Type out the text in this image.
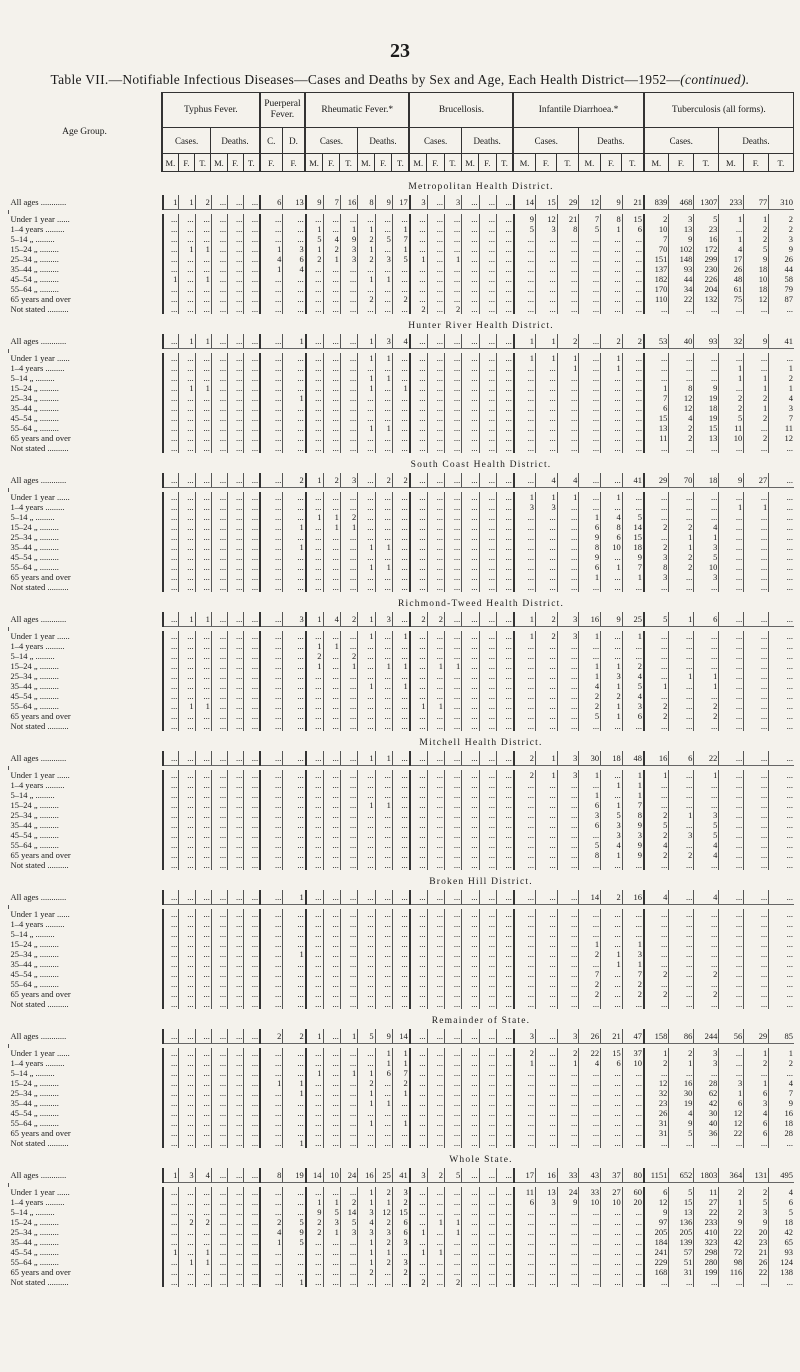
23
Table VII.—Notifiable Infectious Diseases—Cases and Deaths by Sex and Age, Each Health District—1952—(continued).
Age Group.	Typhus Fever.						Puerperal Fever.		Rheumatic Fever.*						Brucellosis.						Infantile Diarrhoea.*						Tuberculosis (all forms).					
	Cases.			Deaths.			C.	D.	Cases.			Deaths.			Cases.			Deaths.			Cases.			Deaths.			Cases.			Deaths.		
	M.	F.	T.	M.	F.	T.	F.	F.	M.	F.	T.	M.	F.	T.	M.	F.	T.	M.	F.	T.	M.	F.	T.	M.	F.	T.	M.	F.	T.	M.	F.	T.
Metropolitan Health District.
All ages ............	1	1	2	...	...	...	6	13	9	7	16	8	9	17	3	...	3	...	...	...	14	15	29	12	9	21	839	468	1307	233	77	310

Under 1 year ......	...	...	...	...	...	...	...	...	...	...	...	...	...	...	...	...	...	...	...	...	9	12	21	7	8	15	2	3	5	1	1	2
1–4 years .........	...	...	...	...	...	...	...	...	1	...	1	1	...	1	...	...	...	...	...	...	5	3	8	5	1	6	10	13	23	...	2	2
5–14 „ .........	...	...	...	...	...	...	...	...	5	4	9	2	5	7	...	...	...	...	...	...	...	...	...	...	...	...	7	9	16	1	2	3
15–24 „ .........	...	1	1	...	...	...	1	3	1	2	3	1	...	1	...	...	...	...	...	...	...	...	...	...	...	...	70	102	172	4	5	9
25–34 „ .........	...	...	...	...	...	...	4	6	2	1	3	2	3	5	1	...	1	...	...	...	...	...	...	...	...	...	151	148	299	17	9	26
35–44 „ .........	...	...	...	...	...	...	1	4	...	...	...	...	...	...	...	...	...	...	...	...	...	...	...	...	...	...	137	93	230	26	18	44
45–54 „ .........	1	...	1	...	...	...	...	...	...	...	...	1	1	...	...	...	...	...	...	...	...	...	...	...	...	...	182	44	226	48	10	58
55–64 „ .........	...	...	...	...	...	...	...	...	...	...	...	...	...	...	...	...	...	...	...	...	...	...	...	...	...	...	170	34	204	61	18	79
65 years and over	...	...	...	...	...	...	...	...	...	...	...	2	...	2	...	...	...	...	...	...	...	...	...	...	...	...	110	22	132	75	12	87
Not stated ..........	...	...	...	...	...	...	...	...	...	...	...	...	...	...	2	...	2	...	...	...	...	...	...	...	...	...	...	...	...	...	...	...
Hunter River Health District.
All ages ............	...	1	1	...	...	...	...	1	...	...	...	1	3	4	...	...	...	...	...	...	1	1	2	...	2	2	53	40	93	32	9	41

Under 1 year ......	...	...	...	...	...	...	...	...	...	...	...	1	1	...	...	...	...	...	...	...	1	1	1	...	1	...	...	...	...	...	...	...
1–4 years .........	...	...	...	...	...	...	...	...	...	...	...	...	...	...	...	...	...	...	...	...	...	...	1	...	1	...	...	...	...	1	...	1
5–14 „ .........	...	...	...	...	...	...	...	...	...	...	...	1	1	...	...	...	...	...	...	...	...	...	...	...	...	...	...	...	...	1	1	2
15–24 „ .........	...	1	1	...	...	...	...	...	...	...	...	1	...	1	...	...	...	...	...	...	...	...	...	...	...	...	1	8	9	...	1	1
25–34 „ .........	...	...	...	...	...	...	...	1	...	...	...	...	...	...	...	...	...	...	...	...	...	...	...	...	...	...	7	12	19	2	2	4
35–44 „ .........	...	...	...	...	...	...	...	...	...	...	...	...	...	...	...	...	...	...	...	...	...	...	...	...	...	...	6	12	18	2	1	3
45–54 „ .........	...	...	...	...	...	...	...	...	...	...	...	...	...	...	...	...	...	...	...	...	...	...	...	...	...	...	15	4	19	5	2	7
55–64 „ .........	...	...	...	...	...	...	...	...	...	...	...	1	1	...	...	...	...	...	...	...	...	...	...	...	...	...	13	2	15	11	...	11
65 years and over	...	...	...	...	...	...	...	...	...	...	...	...	...	...	...	...	...	...	...	...	...	...	...	...	...	...	11	2	13	10	2	12
Not stated ..........	...	...	...	...	...	...	...	...	...	...	...	...	...	...	...	...	...	...	...	...	...	...	...	...	...	...	...	...	...	...	...	...
South Coast Health District.
All ages ............	...	...	...	...	...	...	...	2	1	2	3	...	2	2	...	...	...	...	...	...	...	4	4	...	...	41	29	70	18	9	27	...

Under 1 year ......	...	...	...	...	...	...	...	...	...	...	...	...	...	...	...	...	...	...	...	...	1	1	1	...	1	...	...	...	...	...	...	...
1–4 years .........	...	...	...	...	...	...	...	...	...	...	...	...	...	...	...	...	...	...	...	...	3	3	...	...	...	...	...	...	...	1	1	...
5–14 „ .........	...	...	...	...	...	...	...	...	1	1	2	...	...	...	...	...	...	...	...	...	...	...	...	1	4	5	...	...	...	...	...	...
15–24 „ .........	...	...	...	...	...	...	...	1	...	1	1	...	...	...	...	...	...	...	...	...	...	...	...	6	8	14	2	2	4	...	...	...
25–34 „ .........	...	...	...	...	...	...	...	...	...	...	...	...	...	...	...	...	...	...	...	...	...	...	...	9	6	15	...	1	1	...	...	...
35–44 „ .........	...	...	...	...	...	...	...	1	...	...	...	1	1	...	...	...	...	...	...	...	...	...	...	8	10	18	2	1	3	...	...	...
45–54 „ .........	...	...	...	...	...	...	...	...	...	...	...	...	...	...	...	...	...	...	...	...	...	...	...	9	...	9	3	2	5	...	...	...
55–64 „ .........	...	...	...	...	...	...	...	...	...	...	...	1	1	...	...	...	...	...	...	...	...	...	...	6	1	7	8	2	10	...	...	...
65 years and over	...	...	...	...	...	...	...	...	...	...	...	...	...	...	...	...	...	...	...	...	...	...	...	1	...	1	3	...	3	...	...	...
Not stated ..........	...	...	...	...	...	...	...	...	...	...	...	...	...	...	...	...	...	...	...	...	...	...	...	...	...	...	...	...	...	...	...	...
Richmond-Tweed Health District.
All ages ............	...	1	1	...	...	...	...	3	1	4	2	1	3	...	2	2	...	...	...	...	1	2	3	16	9	25	5	1	6	...	...	...

Under 1 year ......	...	...	...	...	...	...	...	...	...	...	...	1	...	1	...	...	...	...	...	...	1	2	3	1	...	1	...	...	...	...	...	...
1–4 years .........	...	...	...	...	...	...	...	...	1	1	...	...	...	...	...	...	...	...	...	...	...	...	...	...	...	...	...	...	...	...	...	...
5–14 „ .........	...	...	...	...	...	...	...	...	2	...	2	...	...	...	...	...	...	...	...	...	...	...	...	...	...	...	...	...	...	...	...	...
15–24 „ .........	...	...	...	...	...	...	...	...	1	...	1	...	1	1	...	1	1	...	...	...	...	...	...	1	1	2	...	...	...	...	...	...
25–34 „ .........	...	...	...	...	...	...	...	...	...	...	...	...	...	...	...	...	...	...	...	...	...	...	...	1	3	4	...	1	1	...	...	...
35–44 „ .........	...	...	...	...	...	...	...	...	...	...	...	1	...	1	...	...	...	...	...	...	...	...	...	4	1	5	1	...	1	...	...	...
45–54 „ .........	...	...	...	...	...	...	...	...	...	...	...	...	...	...	...	...	...	...	...	...	...	...	...	2	2	4	...	...	...	...	...	...
55–64 „ .........	...	1	1	...	...	...	...	...	...	...	...	...	...	...	1	1	...	...	...	...	...	...	...	2	1	3	2	...	2	...	...	...
65 years and over	...	...	...	...	...	...	...	...	...	...	...	...	...	...	...	...	...	...	...	...	...	...	...	5	1	6	2	...	2	...	...	...
Not stated ..........	...	...	...	...	...	...	...	...	...	...	...	...	...	...	...	...	...	...	...	...	...	...	...	...	...	...	...	...	...	...	...	...
Mitchell Health District.
All ages ............	...	...	...	...	...	...	...	...	...	...	...	1	1	...	...	...	...	...	...	...	2	1	3	30	18	48	16	6	22	...	...	...

Under 1 year ......	...	...	...	...	...	...	...	...	...	...	...	...	...	...	...	...	...	...	...	...	2	1	3	1	...	1	1	...	1	...	...	...
1–4 years .........	...	...	...	...	...	...	...	...	...	...	...	...	...	...	...	...	...	...	...	...	...	...	...	...	1	1	...	...	...	...	...	...
5–14 „ .........	...	...	...	...	...	...	...	...	...	...	...	...	...	...	...	...	...	...	...	...	...	...	...	1	...	1	...	...	...	...	...	...
15–24 „ .........	...	...	...	...	...	...	...	...	...	...	...	1	1	...	...	...	...	...	...	...	...	...	...	6	1	7	...	...	...	...	...	...
25–34 „ .........	...	...	...	...	...	...	...	...	...	...	...	...	...	...	...	...	...	...	...	...	...	...	...	3	5	8	2	1	3	...	...	...
35–44 „ .........	...	...	...	...	...	...	...	...	...	...	...	...	...	...	...	...	...	...	...	...	...	...	...	6	3	9	5	...	5	...	...	...
45–54 „ .........	...	...	...	...	...	...	...	...	...	...	...	...	...	...	...	...	...	...	...	...	...	...	...	...	3	3	2	3	5	...	...	...
55–64 „ .........	...	...	...	...	...	...	...	...	...	...	...	...	...	...	...	...	...	...	...	...	...	...	...	5	4	9	4	...	4	...	...	...
65 years and over	...	...	...	...	...	...	...	...	...	...	...	...	...	...	...	...	...	...	...	...	...	...	...	8	1	9	2	2	4	...	...	...
Not stated ..........	...	...	...	...	...	...	...	...	...	...	...	...	...	...	...	...	...	...	...	...	...	...	...	...	...	...	...	...	...	...	...	...
Broken Hill District.
All ages ............	...	...	...	...	...	...	...	1	...	...	...	...	...	...	...	...	...	...	...	...	...	...	...	14	2	16	4	...	4	...	...	...

Under 1 year ......	...	...	...	...	...	...	...	...	...	...	...	...	...	...	...	...	...	...	...	...	...	...	...	...	...	...	...	...	...	...	...	...
1–4 years .........	...	...	...	...	...	...	...	...	...	...	...	...	...	...	...	...	...	...	...	...	...	...	...	...	...	...	...	...	...	...	...	...
5–14 „ .........	...	...	...	...	...	...	...	...	...	...	...	...	...	...	...	...	...	...	...	...	...	...	...	...	...	...	...	...	...	...	...	...
15–24 „ .........	...	...	...	...	...	...	...	...	...	...	...	...	...	...	...	...	...	...	...	...	...	...	...	1	...	1	...	...	...	...	...	...
25–34 „ .........	...	...	...	...	...	...	...	1	...	...	...	...	...	...	...	...	...	...	...	...	...	...	...	2	1	3	...	...	...	...	...	...
35–44 „ .........	...	...	...	...	...	...	...	...	...	...	...	...	...	...	...	...	...	...	...	...	...	...	...	...	1	1	...	...	...	...	...	...
45–54 „ .........	...	...	...	...	...	...	...	...	...	...	...	...	...	...	...	...	...	...	...	...	...	...	...	7	...	7	2	...	2	...	...	...
55–64 „ .........	...	...	...	...	...	...	...	...	...	...	...	...	...	...	...	...	...	...	...	...	...	...	...	2	...	2	...	...	...	...	...	...
65 years and over	...	...	...	...	...	...	...	...	...	...	...	...	...	...	...	...	...	...	...	...	...	...	...	2	...	2	2	...	2	...	...	...
Not stated ..........	...	...	...	...	...	...	...	...	...	...	...	...	...	...	...	...	...	...	...	...	...	...	...	...	...	...	...	...	...	...	...	...
Remainder of State.
All ages ............	...	...	...	...	...	...	2	2	1	...	1	5	9	14	...	...	...	...	...	...	3	...	3	26	21	47	158	86	244	56	29	85

Under 1 year ......	...	...	...	...	...	...	...	...	...	...	...	...	1	1	...	...	...	...	...	...	2	...	2	22	15	37	1	2	3	...	1	1
1–4 years .........	...	...	...	...	...	...	...	...	...	...	...	...	1	1	...	...	...	...	...	...	1	...	1	4	6	10	2	1	3	...	2	2
5–14 „ .........	...	...	...	...	...	...	...	...	1	...	1	1	6	7	...	...	...	...	...	...	...	...	...	...	...	...	...	...	...	...	...	...
15–24 „ .........	...	...	...	...	...	...	1	1	...	...	...	2	...	2	...	...	...	...	...	...	...	...	...	...	...	...	12	16	28	3	1	4
25–34 „ .........	...	...	...	...	...	...	...	1	...	...	...	1	...	1	...	...	...	...	...	...	...	...	...	...	...	...	32	30	62	1	6	7
35–44 „ .........	...	...	...	...	...	...	...	...	...	...	...	1	1	...	...	...	...	...	...	...	...	...	...	...	...	...	23	19	42	6	3	9
45–54 „ .........	...	...	...	...	...	...	...	...	...	...	...	...	...	...	...	...	...	...	...	...	...	...	...	...	...	...	26	4	30	12	4	16
55–64 „ .........	...	...	...	...	...	...	...	...	...	...	...	1	...	1	...	...	...	...	...	...	...	...	...	...	...	...	31	9	40	12	6	18
65 years and over	...	...	...	...	...	...	...	...	...	...	...	...	...	...	...	...	...	...	...	...	...	...	...	...	...	...	31	5	36	22	6	28
Not stated ..........	...	...	...	...	...	...	...	1	...	...	...	...	...	...	...	...	...	...	...	...	...	...	...	...	...	...	...	...	...	...	...	...
Whole State.
All ages ............	1	3	4	...	...	...	8	19	14	10	24	16	25	41	3	2	5	...	...	...	17	16	33	43	37	80	1151	652	1803	364	131	495

Under 1 year ......	...	...	...	...	...	...	...	...	...	...	...	1	2	3	...	...	...	...	...	...	11	13	24	33	27	60	6	5	11	2	2	4
1–4 years .........	...	...	...	...	...	...	...	...	1	1	2	1	1	2	...	...	...	...	...	...	6	3	9	10	10	20	12	15	27	1	5	6
5–14 „ .........	...	...	...	...	...	...	...	...	9	5	14	3	12	15	...	...	...	...	...	...	...	...	...	...	...	...	9	13	22	2	3	5
15–24 „ .........	...	2	2	...	...	...	2	5	2	3	5	4	2	6	...	1	1	...	...	...	...	...	...	...	...	...	97	136	233	9	9	18
25–34 „ .........	...	...	...	...	...	...	4	9	2	1	3	3	3	6	1	...	1	...	...	...	...	...	...	...	...	...	205	205	410	22	20	42
35–44 „ .........	...	...	...	...	...	...	1	5	...	...	...	1	2	3	...	...	...	...	...	...	...	...	...	...	...	...	184	139	323	42	23	65
45–54 „ .........	1	...	1	...	...	...	...	...	...	...	...	1	1	...	1	1	...	...	...	...	...	...	...	...	...	...	241	57	298	72	21	93
55–64 „ .........	...	1	1	...	...	...	...	...	...	...	...	1	2	3	...	...	...	...	...	...	...	...	...	...	...	...	229	51	280	98	26	124
65 years and over	...	...	...	...	...	...	...	...	...	...	...	2	...	2	...	...	...	...	...	...	...	...	...	...	...	...	168	31	199	116	22	138
Not stated ..........	...	...	...	...	...	...	...	1	...	...	...	...	...	...	2	...	2	...	...	...	...	...	...	...	...	...	...	...	...	...	...	...
